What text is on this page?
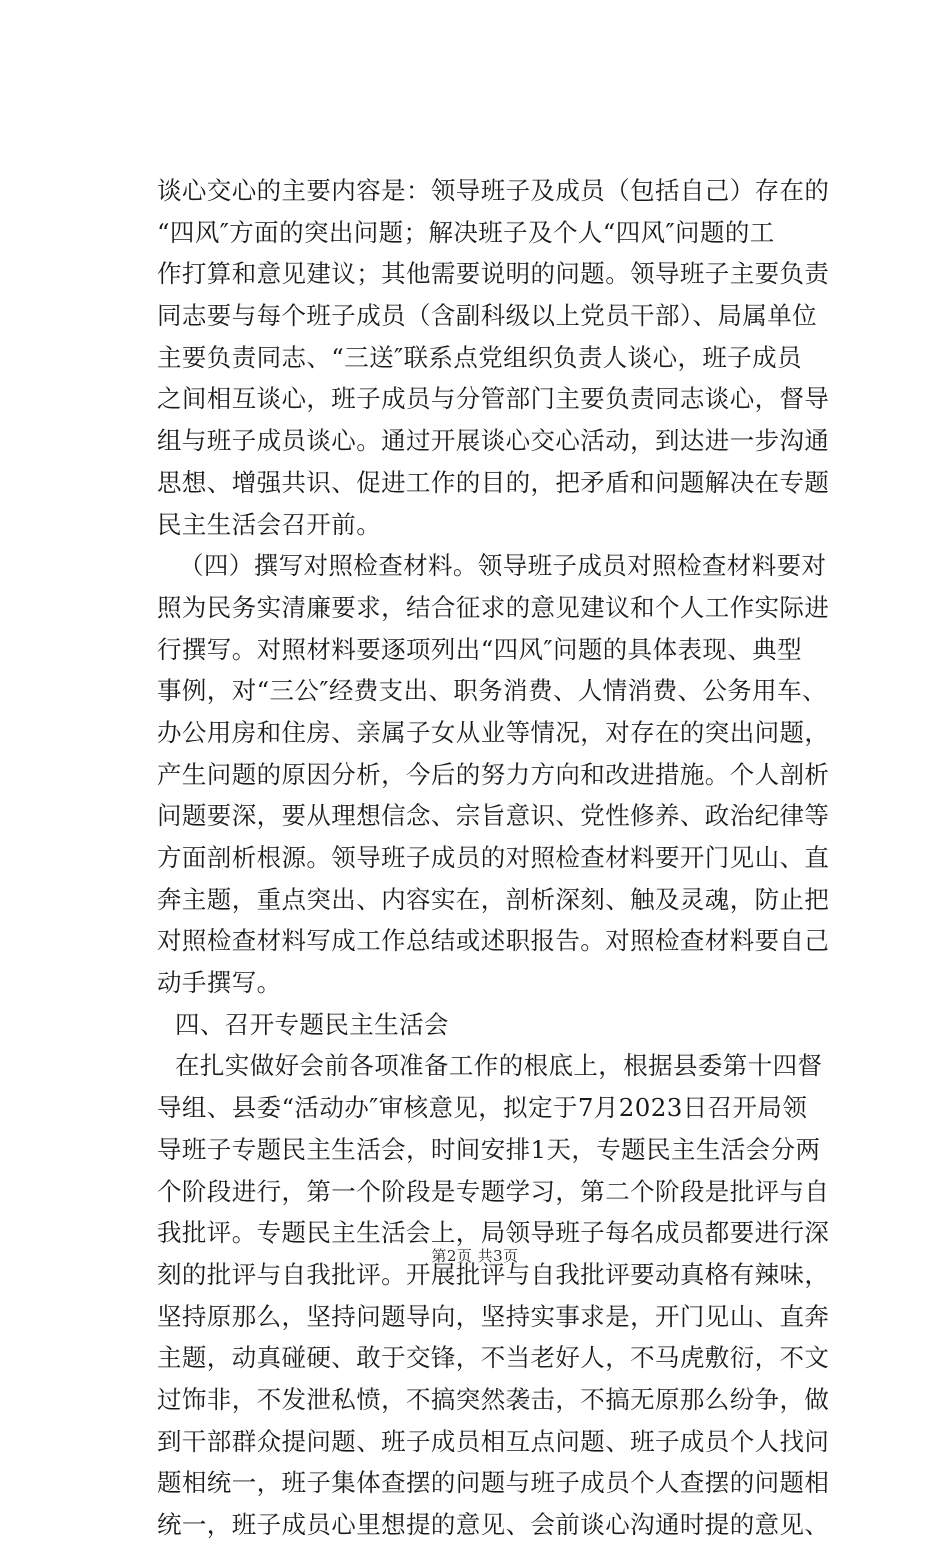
谈心交心的主要内容是：领导班子及成员（包括自己）存在的
“四风″方面的突出问题；解决班子及个人“四风″问题的工
作打算和意见建议；其他需要说明的问题。领导班子主要负责
同志要与每个班子成员（含副科级以上党员干部）、局属单位
主要负责同志、“三送″联系点党组织负责人谈心，班子成员
之间相互谈心，班子成员与分管部门主要负责同志谈心，督导
组与班子成员谈心。通过开展谈心交心活动，到达进一步沟通
思想、增强共识、促进工作的目的，把矛盾和问题解决在专题
民主生活会召开前。
（四）撰写对照检查材料。领导班子成员对照检查材料要对
照为民务实清廉要求，结合征求的意见建议和个人工作实际进
行撰写。对照材料要逐项列出“四风″问题的具体表现、典型
事例，对“三公″经费支出、职务消费、人情消费、公务用车、
办公用房和住房、亲属子女从业等情况，对存在的突出问题，
产生问题的原因分析，今后的努力方向和改进措施。个人剖析
问题要深，要从理想信念、宗旨意识、党性修养、政治纪律等
方面剖析根源。领导班子成员的对照检查材料要开门见山、直
奔主题，重点突出、内容实在，剖析深刻、触及灵魂，防止把
对照检查材料写成工作总结或述职报告。对照检查材料要自己
动手撰写。
四、召开专题民主生活会
在扎实做好会前各项准备工作的根底上，根据县委第十四督
导组、县委“活动办″审核意见，拟定于7月2023日召开局领
导班子专题民主生活会，时间安排1天，专题民主生活会分两
个阶段进行，第一个阶段是专题学习，第二个阶段是批评与自
我批评。专题民主生活会上，局领导班子每名成员都要进行深
刻的批评与自我批评。开展批评与自我批评要动真格有辣味，
坚持原那么，坚持问题导向，坚持实事求是，开门见山、直奔
主题，动真碰硬、敢于交锋，不当老好人，不马虎敷衍，不文
过饰非，不发泄私愤，不搞突然袭击，不搞无原那么纷争，做
到干部群众提问题、班子成员相互点问题、班子成员个人找问
题相统一，班子集体查摆的问题与班子成员个人查摆的问题相
统一，班子成员心里想提的意见、会前谈心沟通时提的意见、
第2页 共3页
